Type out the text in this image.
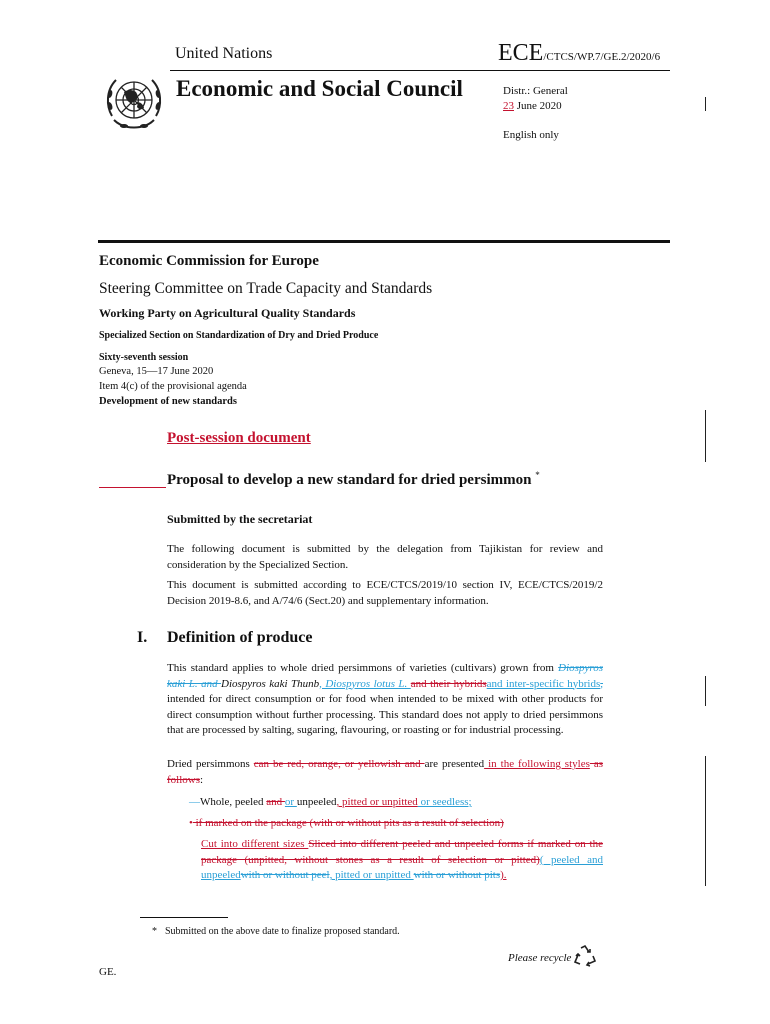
United Nations	ECE/CTCS/WP.7/GE.2/2020/6
Economic and Social Council	Distr.: General
23 June 2020
English only
Economic Commission for Europe
Steering Committee on Trade Capacity and Standards
Working Party on Agricultural Quality Standards
Specialized Section on Standardization of Dry and Dried Produce
Sixty-seventh session
Geneva, 15—17 June 2020
Item 4(c) of the provisional agenda
Development of new standards
Post-session document
Proposal to develop a new standard for dried persimmon *
Submitted by the secretariat
The following document is submitted by the delegation from Tajikistan for review and consideration by the Specialized Section.
This document is submitted according to ECE/CTCS/2019/10 section IV, ECE/CTCS/2019/2 Decision 2019-8.6, and A/74/6 (Sect.20) and supplementary information.
I. Definition of produce
This standard applies to whole dried persimmons of varieties (cultivars) grown from Diospyros kaki L. and Diospyros kaki Thunb, Diospyros lotus L. and their hybridsand inter-specific hybrids, intended for direct consumption or for food when intended to be mixed with other products for direct consumption without further processing. This standard does not apply to dried persimmons that are processed by salting, sugaring, flavouring, or roasting or for industrial processing.
Dried persimmons can be red, orange, or yellowish and are presented in the following styles as follows:
—Whole, peeled and or unpeeled, pitted or unpitted or seedless;
• if marked on the package (with or without pits as a result of selection)
Cut into different sizes Sliced into different peeled and unpeeled forms if marked on the package (unpitted, without stones as a result of selection or pitted)( peeled and unpeeledwith or without peel, pitted or unpitted with or without pits).
* Submitted on the above date to finalize proposed standard.
GE.
Please recycle
